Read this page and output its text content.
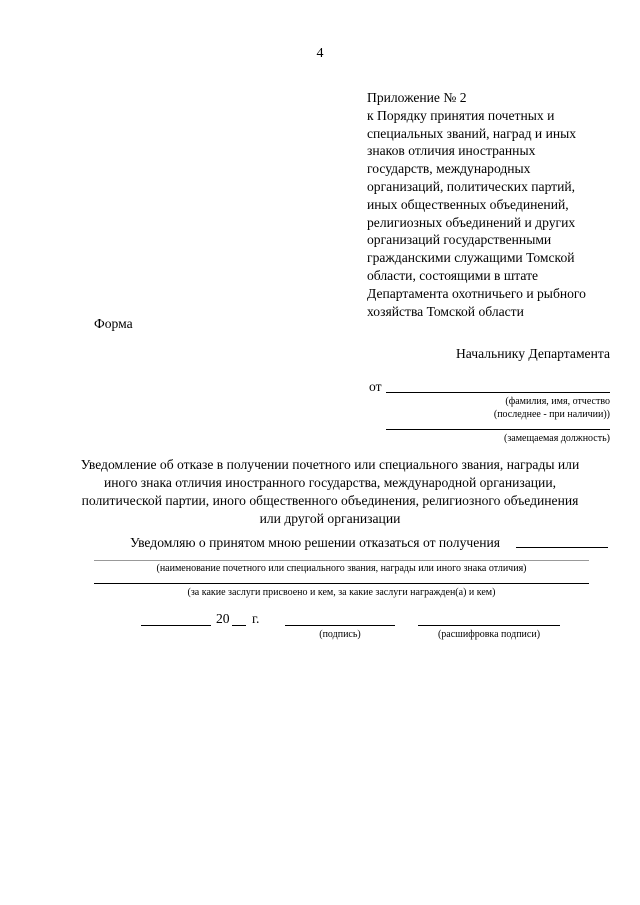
4
Приложение № 2
к Порядку принятия почетных и
специальных званий, наград и иных
знаков отличия иностранных
государств, международных
организаций, политических партий,
иных общественных объединений,
религиозных объединений и других
организаций государственными
гражданскими служащими Томской
области, состоящими в штате
Департамента охотничьего и рыбного
хозяйства Томской области
Форма
Начальнику Департамента
от
(фамилия, имя, отчество
(последнее - при наличии))
(замещаемая должность)
Уведомление об отказе в получении почетного или специального звания, награды или
иного знака отличия иностранного государства, международной организации,
политической партии, иного общественного объединения, религиозного объединения
или другой организации
Уведомляю о принятом мною решении отказаться от получения
(наименование почетного или специального звания, награды или иного знака отличия)
(за какие заслуги присвоено и кем, за какие заслуги награжден(а) и кем)
20 г.
(подпись)	(расшифровка подписи)
